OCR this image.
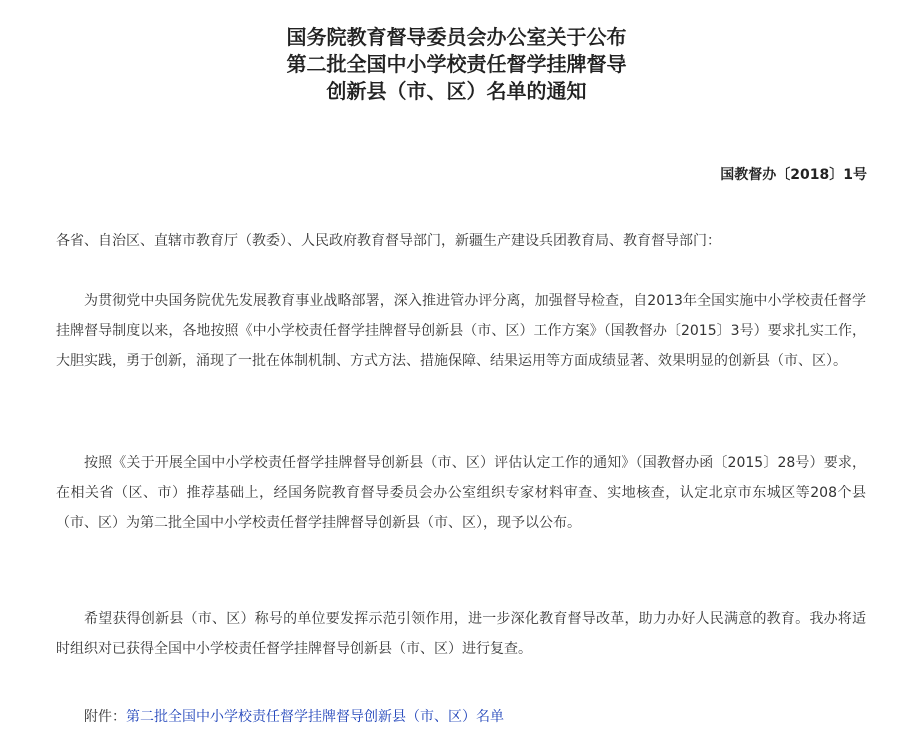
国务院教育督导委员会办公室关于公布
第二批全国中小学校责任督学挂牌督导
创新县（市、区）名单的通知
国教督办〔2018〕1号
各省、自治区、直辖市教育厅（教委）、人民政府教育督导部门，新疆生产建设兵团教育局、教育督导部门：

为贯彻党中央国务院优先发展教育事业战略部署，深入推进管办评分离，加强督导检查，自2013年全国实施中小学校责任督学挂牌督导制度以来，各地按照《中小学校责任督学挂牌督导创新县（市、区）工作方案》（国教督办〔2015〕3号）要求扎实工作，大胆实践，勇于创新，涌现了一批在体制机制、方式方法、措施保障、结果运用等方面成绩显著、效果明显的创新县（市、区）。

按照《关于开展全国中小学校责任督学挂牌督导创新县（市、区）评估认定工作的通知》（国教督办函〔2015〕28号）要求，在相关省（区、市）推荐基础上，经国务院教育督导委员会办公室组织专家材料审查、实地核查，认定北京市东城区等208个县（市、区）为第二批全国中小学校责任督学挂牌督导创新县（市、区），现予以公布。

希望获得创新县（市、区）称号的单位要发挥示范引领作用，进一步深化教育督导改革，助力办好人民满意的教育。我办将适时组织对已获得全国中小学校责任督学挂牌督导创新县（市、区）进行复查。

附件：第二批全国中小学校责任督学挂牌督导创新县（市、区）名单
